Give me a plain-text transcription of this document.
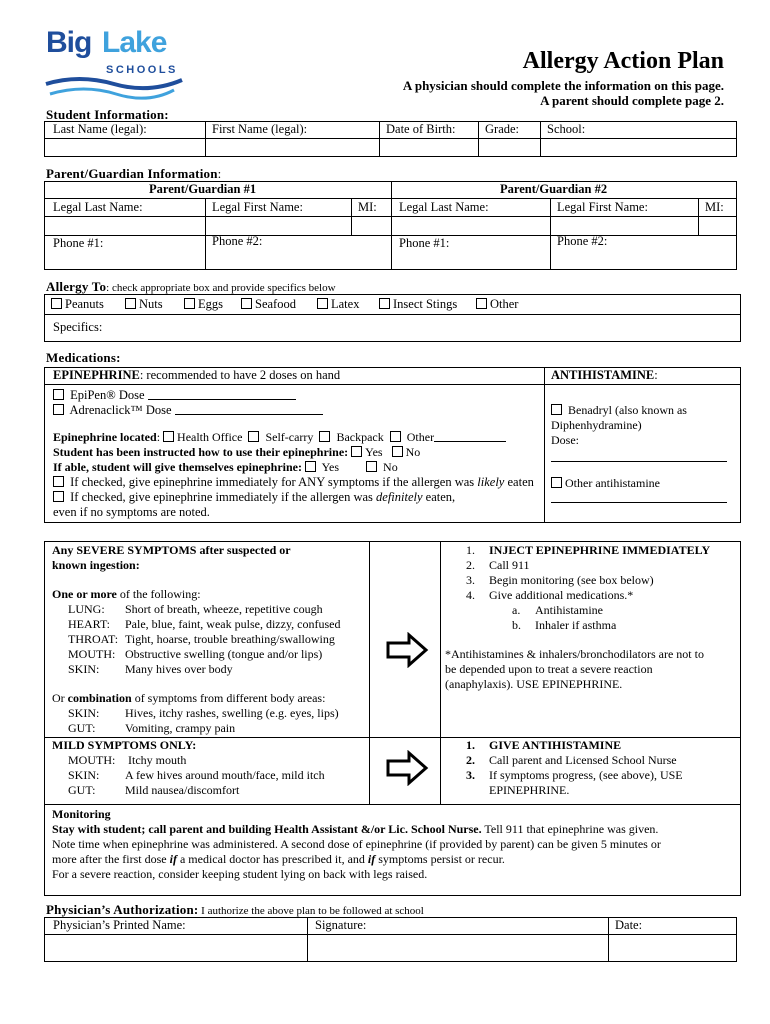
Big Lake
SCHOOLS	Allergy Action Plan
A physician should complete the information on this page.
A parent should complete page 2.
Student Information:
Last Name (legal):	First Name (legal):	Date of Birth: Grade: School:
Parent/Guardian Information:
Parent/Guardian #1	Parent/Guardian #2
Legal Last Name:	Legal First Name:	MI: Legal Last Name:	Legal First Name:	MI:
Phone #1:	Phone #2:	Phone #1:	Phone #2:
Allergy To: check appropriate box and provide specifics below
Peanuts	Nuts	Eggs	Seafood	Latex	Insect Stings	Other
Specifics:
Medications:
EPINEPHRINE: recommended to have 2 doses on hand	ANTIHISTAMINE:
EpiPen® Dose
Adrenaclick™ Dose
Epinephrine located: Health Office Self-carry Backpack Other
Student has been instructed how to use their epinephrine: Yes No
If able, student will give themselves epinephrine: Yes	No
If checked, give epinephrine immediately for ANY symptoms if the allergen was likely eaten
If checked, give epinephrine immediately if the allergen was definitely eaten,
even if no symptoms are noted.
Benadryl (also known as
Diphenhydramine)
Dose:
Other antihistamine
Any SEVERE SYMPTOMS after suspected or
known ingestion:
One or more of the following:
LUNG: Short of breath, wheeze, repetitive cough
HEART: Pale, blue, faint, weak pulse, dizzy, confused
THROAT: Tight, hoarse, trouble breathing/swallowing
MOUTH: Obstructive swelling (tongue and/or lips)
SKIN: Many hives over body
Or combination of symptoms from different body areas:
SKIN: Hives, itchy rashes, swelling (e.g. eyes, lips)
GUT: Vomiting, crampy pain
1. INJECT EPINEPHRINE IMMEDIATELY
2. Call 911
3. Begin monitoring (see box below)
4. Give additional medications.*
a. Antihistamine
b. Inhaler if asthma
*Antihistamines & inhalers/bronchodilators are not to
be depended upon to treat a severe reaction
(anaphylaxis). USE EPINEPHRINE.
MILD SYMPTOMS ONLY:
MOUTH: Itchy mouth
SKIN: A few hives around mouth/face, mild itch
GUT: Mild nausea/discomfort
1. GIVE ANTIHISTAMINE
2. Call parent and Licensed School Nurse
3. If symptoms progress, (see above), USE
EPINEPHRINE.
Monitoring
Stay with student; call parent and building Health Assistant &/or Lic. School Nurse. Tell 911 that epinephrine was given.
Note time when epinephrine was administered. A second dose of epinephrine (if provided by parent) can be given 5 minutes or
more after the first dose if a medical doctor has prescribed it, and if symptoms persist or recur.
For a severe reaction, consider keeping student lying on back with legs raised.
Physician’s Authorization: I authorize the above plan to be followed at school
Physician’s Printed Name:	Signature:	Date:
